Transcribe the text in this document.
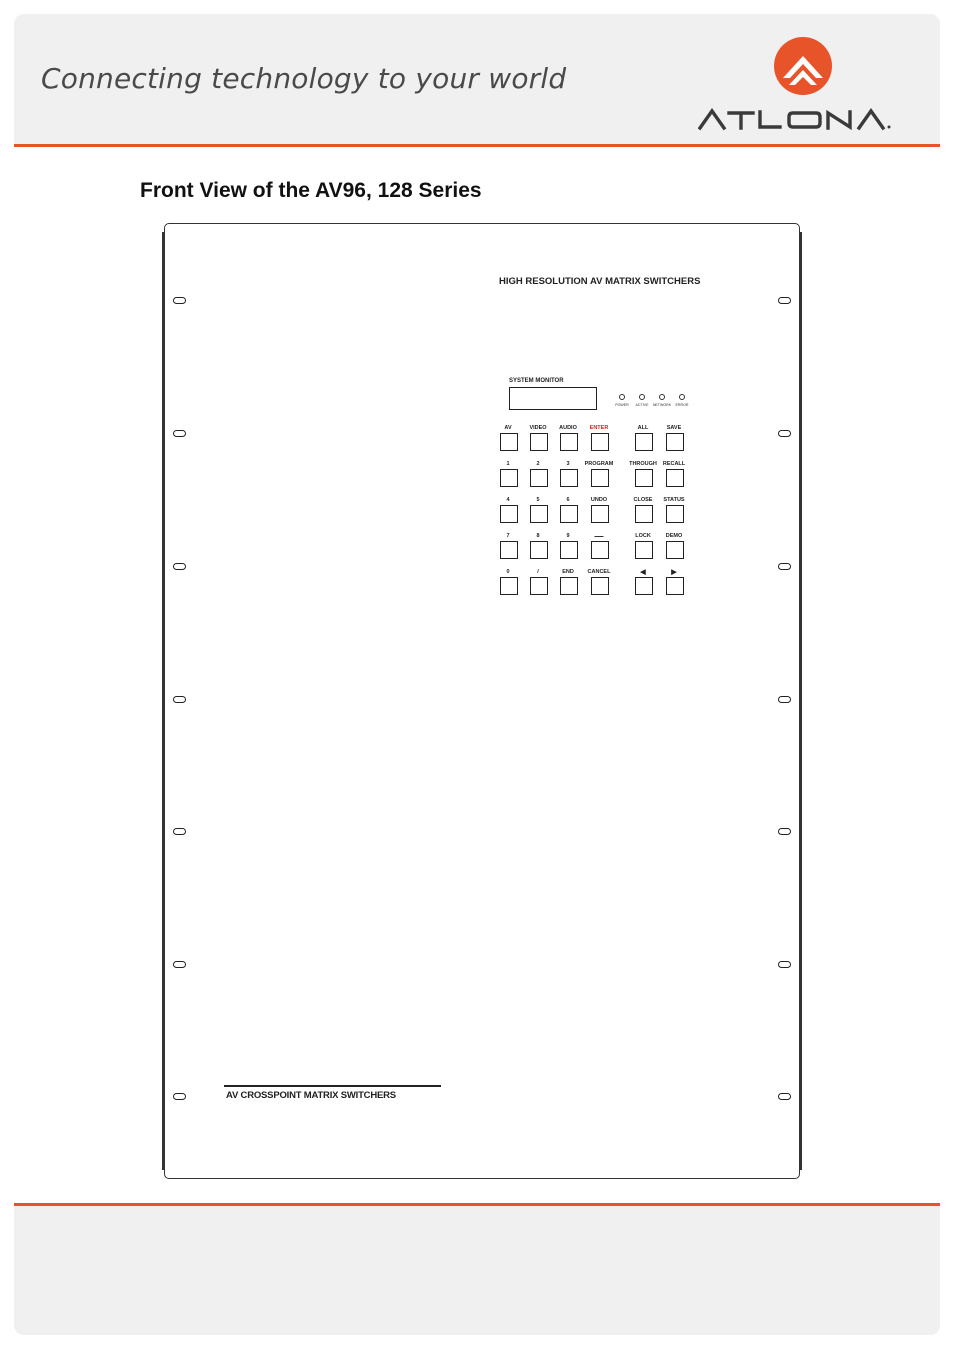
Connecting technology to your world
Front View of the AV96, 128 Series
HIGH RESOLUTION AV MATRIX SWITCHERS
SYSTEM MONITOR
POWER	ACTIVE	NETWORK	ERROR
AV	VIDEO	AUDIO	ENTER	ALL	SAVE
1	2	3	PROGRAM	THROUGH	RECALL
4	5	6	UNDO	CLOSE	STATUS
7	8	9	—	LOCK	DEMO
0	/	END	CANCEL	◀	▶
AV CROSSPOINT MATRIX SWITCHERS
